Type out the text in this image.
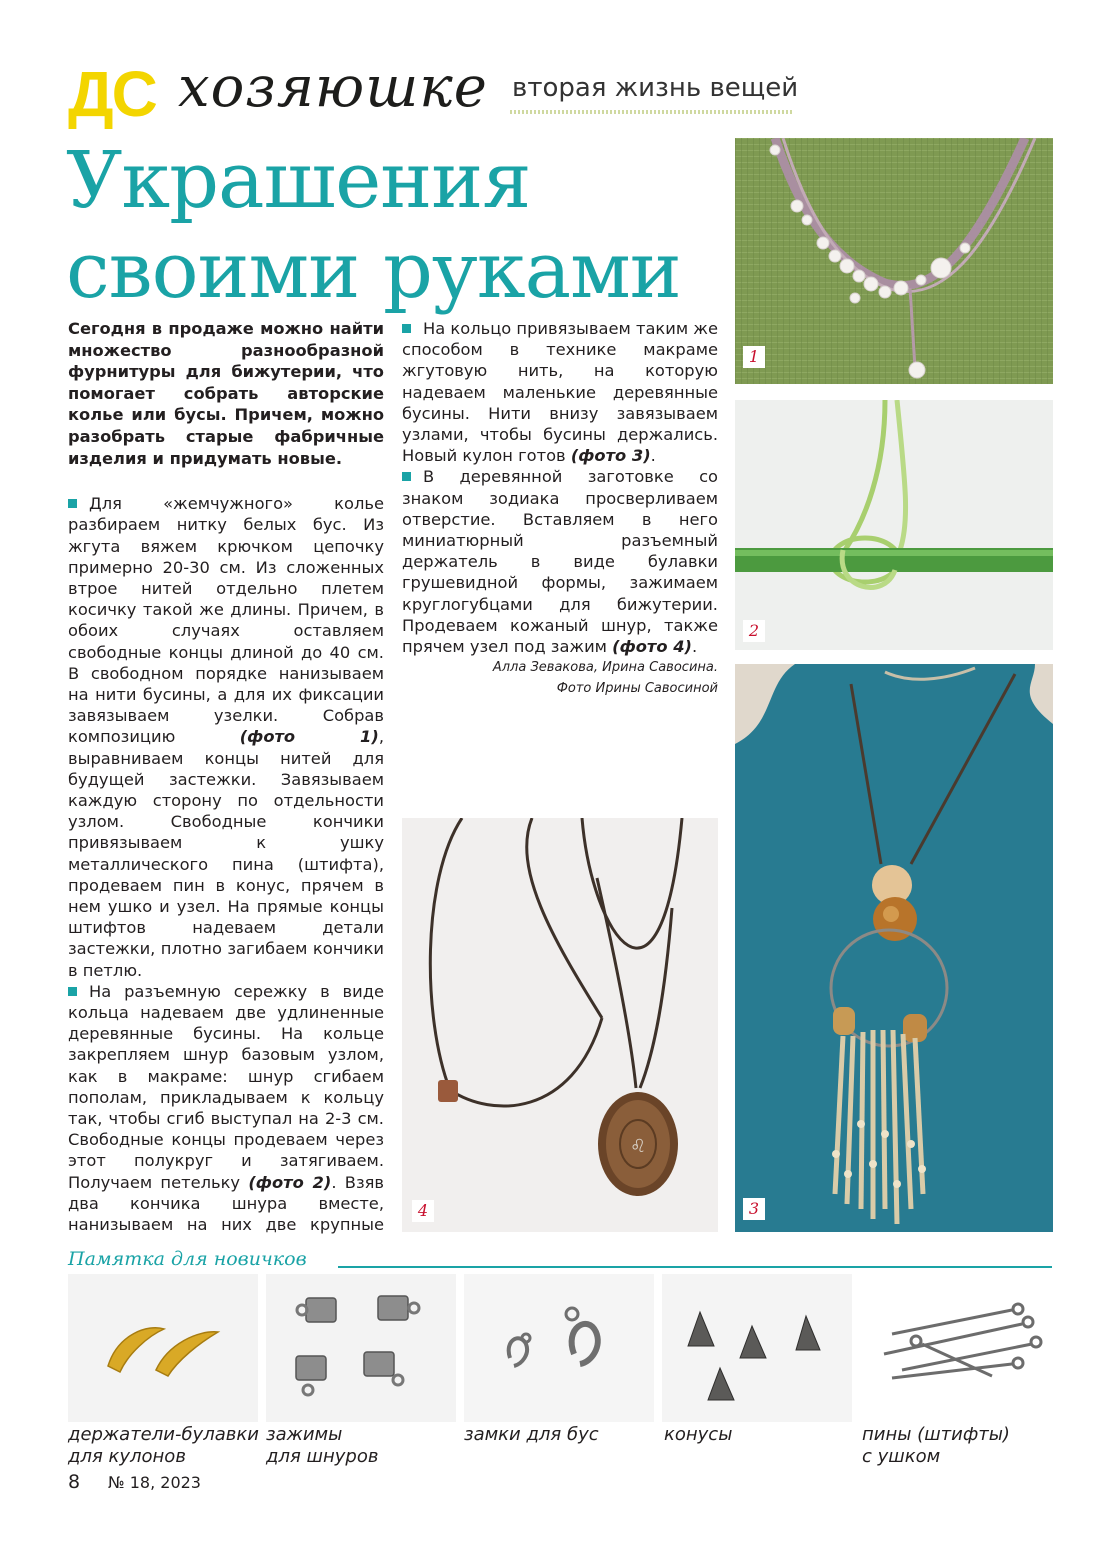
ДС хозяюшке вторая жизнь вещей
Украшения
своими руками

Сегодня в продаже можно найти множество разнообразной фурнитуры для бижутерии, что помогает собрать авторские колье или бусы. Причем, можно разобрать старые фабричные изделия и придумать новые.

Для «жемчужного» колье разбираем нитку белых бус. Из жгута вяжем крючком цепочку примерно 20-30 см. Из сложенных втрое нитей отдельно плетем косичку такой же длины. Причем, в обоих случаях оставляем свободные концы длиной до 40 см. В свободном порядке нанизываем на нити бусины, а для их фиксации завязываем узелки. Собрав композицию	(фото 1), выравниваем концы нитей для будущей застежки. Завязываем каждую сторону по отдельности узлом. Свободные кончики привязываем к ушку металлического пина (штифта), продеваем пин в конус, прячем в нем ушко и узел. На прямые концы штифтов надеваем детали застежки, плотно загибаем кончики в петлю.

На разъемную сережку в виде кольца надеваем две удлиненные деревянные бусины. На кольце закрепляем шнур базовым узлом, как в макраме: шнур сгибаем пополам, прикладываем к кольцу так, чтобы сгиб выступал на 2-3 см. Свободные концы продеваем через этот полукруг и затягиваем. Получаем петельку (фото 2). Взяв два кончика шнура вместе, нанизываем на них две крупные

На кольцо привязываем таким же способом в технике макраме жгутовую нить, на которую надеваем маленькие деревянные бусины. Нити внизу завязываем узлами, чтобы бусины держались. Новый кулон готов (фото 3).

В деревянной заготовке со знаком зодиака просверливаем отверстие. Вставляем в него миниатюрный разъемный держатель в виде булавки грушевидной формы, зажимаем круглогубцами для бижутерии. Продеваем кожаный шнур, также прячем узел под зажим (фото 4).

Алла Зевакова, Ирина Савосина.
Фото Ирины Савосиной
1
2
3
♌
4
Памятка для новичков
держатели-булавки
для кулонов
зажимы
для шнуров
замки для бус	конусы	пины (штифты)
с ушком
8 № 18, 2023
